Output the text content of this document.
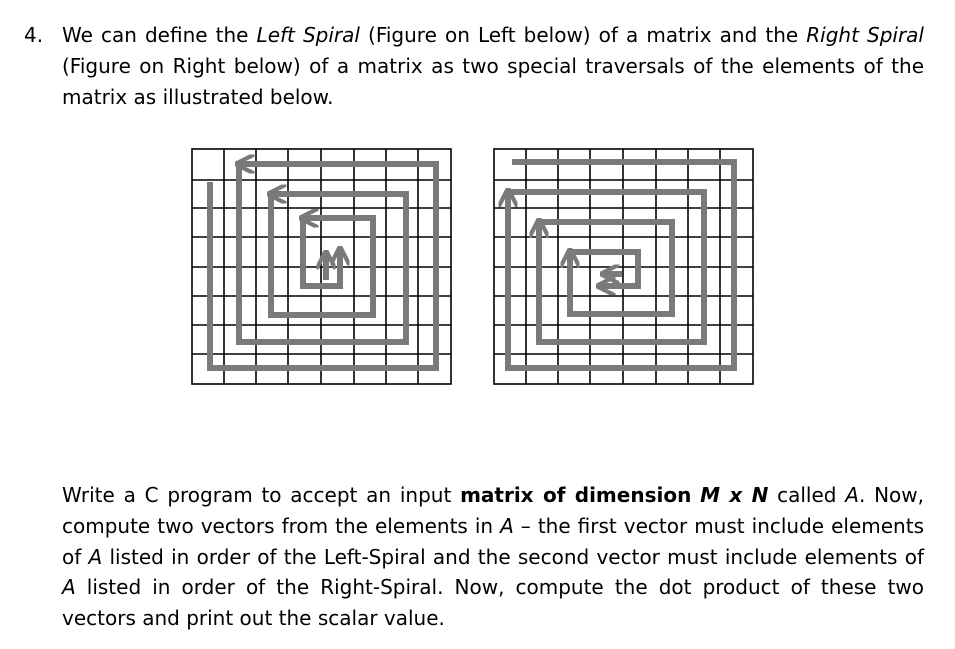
4. We can define the Left Spiral (Figure on Left below) of a matrix and the Right Spiral (Figure on Right below) of a matrix as two special traversals of the elements of the matrix as illustrated below.
Write a C program to accept an input matrix of dimension M x N called A. Now, compute two vectors from the elements in A – the first vector must include elements of A listed in order of the Left-Spiral and the second vector must include elements of A listed in order of the Right-Spiral. Now, compute the dot product of these two vectors and print out the scalar value.
